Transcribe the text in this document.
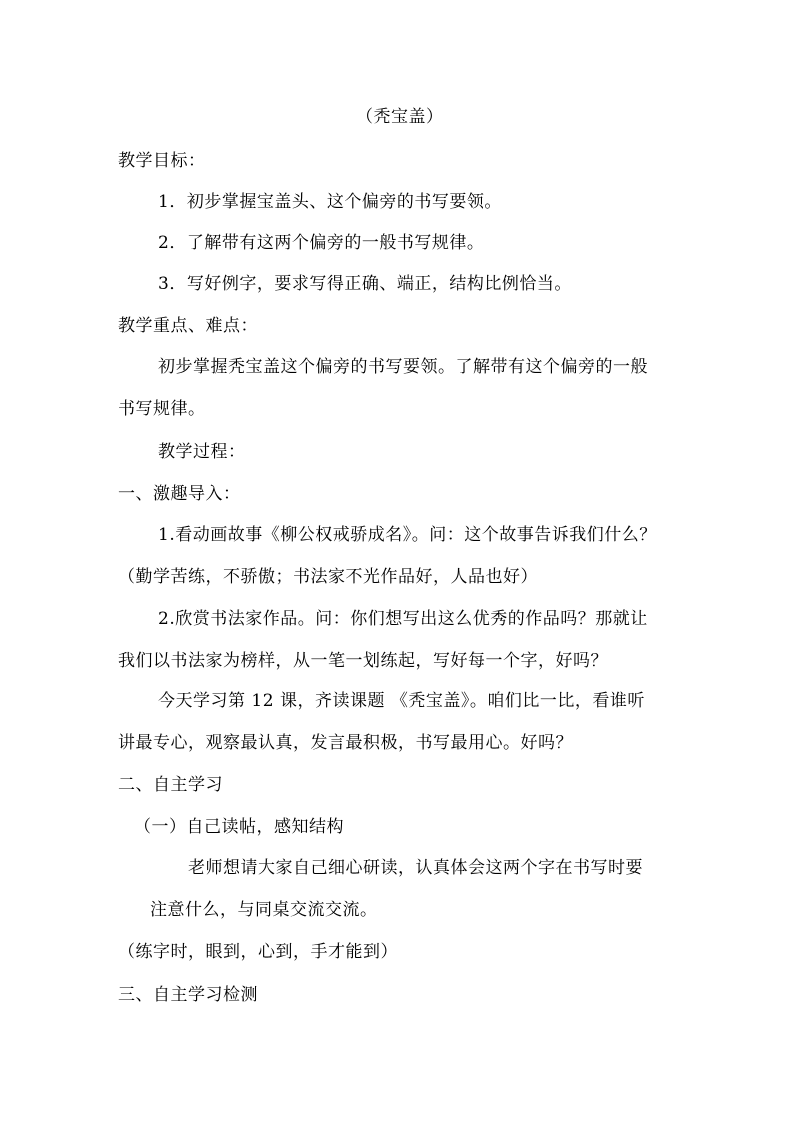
（秃宝盖）

教学目标：

1．初步掌握宝盖头、这个偏旁的书写要领。

2．了解带有这两个偏旁的一般书写规律。

3．写好例字，要求写得正确、端正，结构比例恰当。

教学重点、难点：

初步掌握秃宝盖这个偏旁的书写要领。了解带有这个偏旁的一般

书写规律。

教学过程：

一、激趣导入：

1.看动画故事《柳公权戒骄成名》。问：这个故事告诉我们什么？

（勤学苦练，不骄傲；书法家不光作品好，人品也好）

2.欣赏书法家作品。问：你们想写出这么优秀的作品吗？那就让

我们以书法家为榜样，从一笔一划练起，写好每一个字，好吗？

今天学习第 12 课，齐读课题 《秃宝盖》。咱们比一比，看谁听

讲最专心，观察最认真，发言最积极，书写最用心。好吗？

二、自主学习

（一）自己读帖，感知结构

老师想请大家自己细心研读，认真体会这两个字在书写时要

注意什么，与同桌交流交流。

（练字时，眼到，心到，手才能到）

三、自主学习检测
